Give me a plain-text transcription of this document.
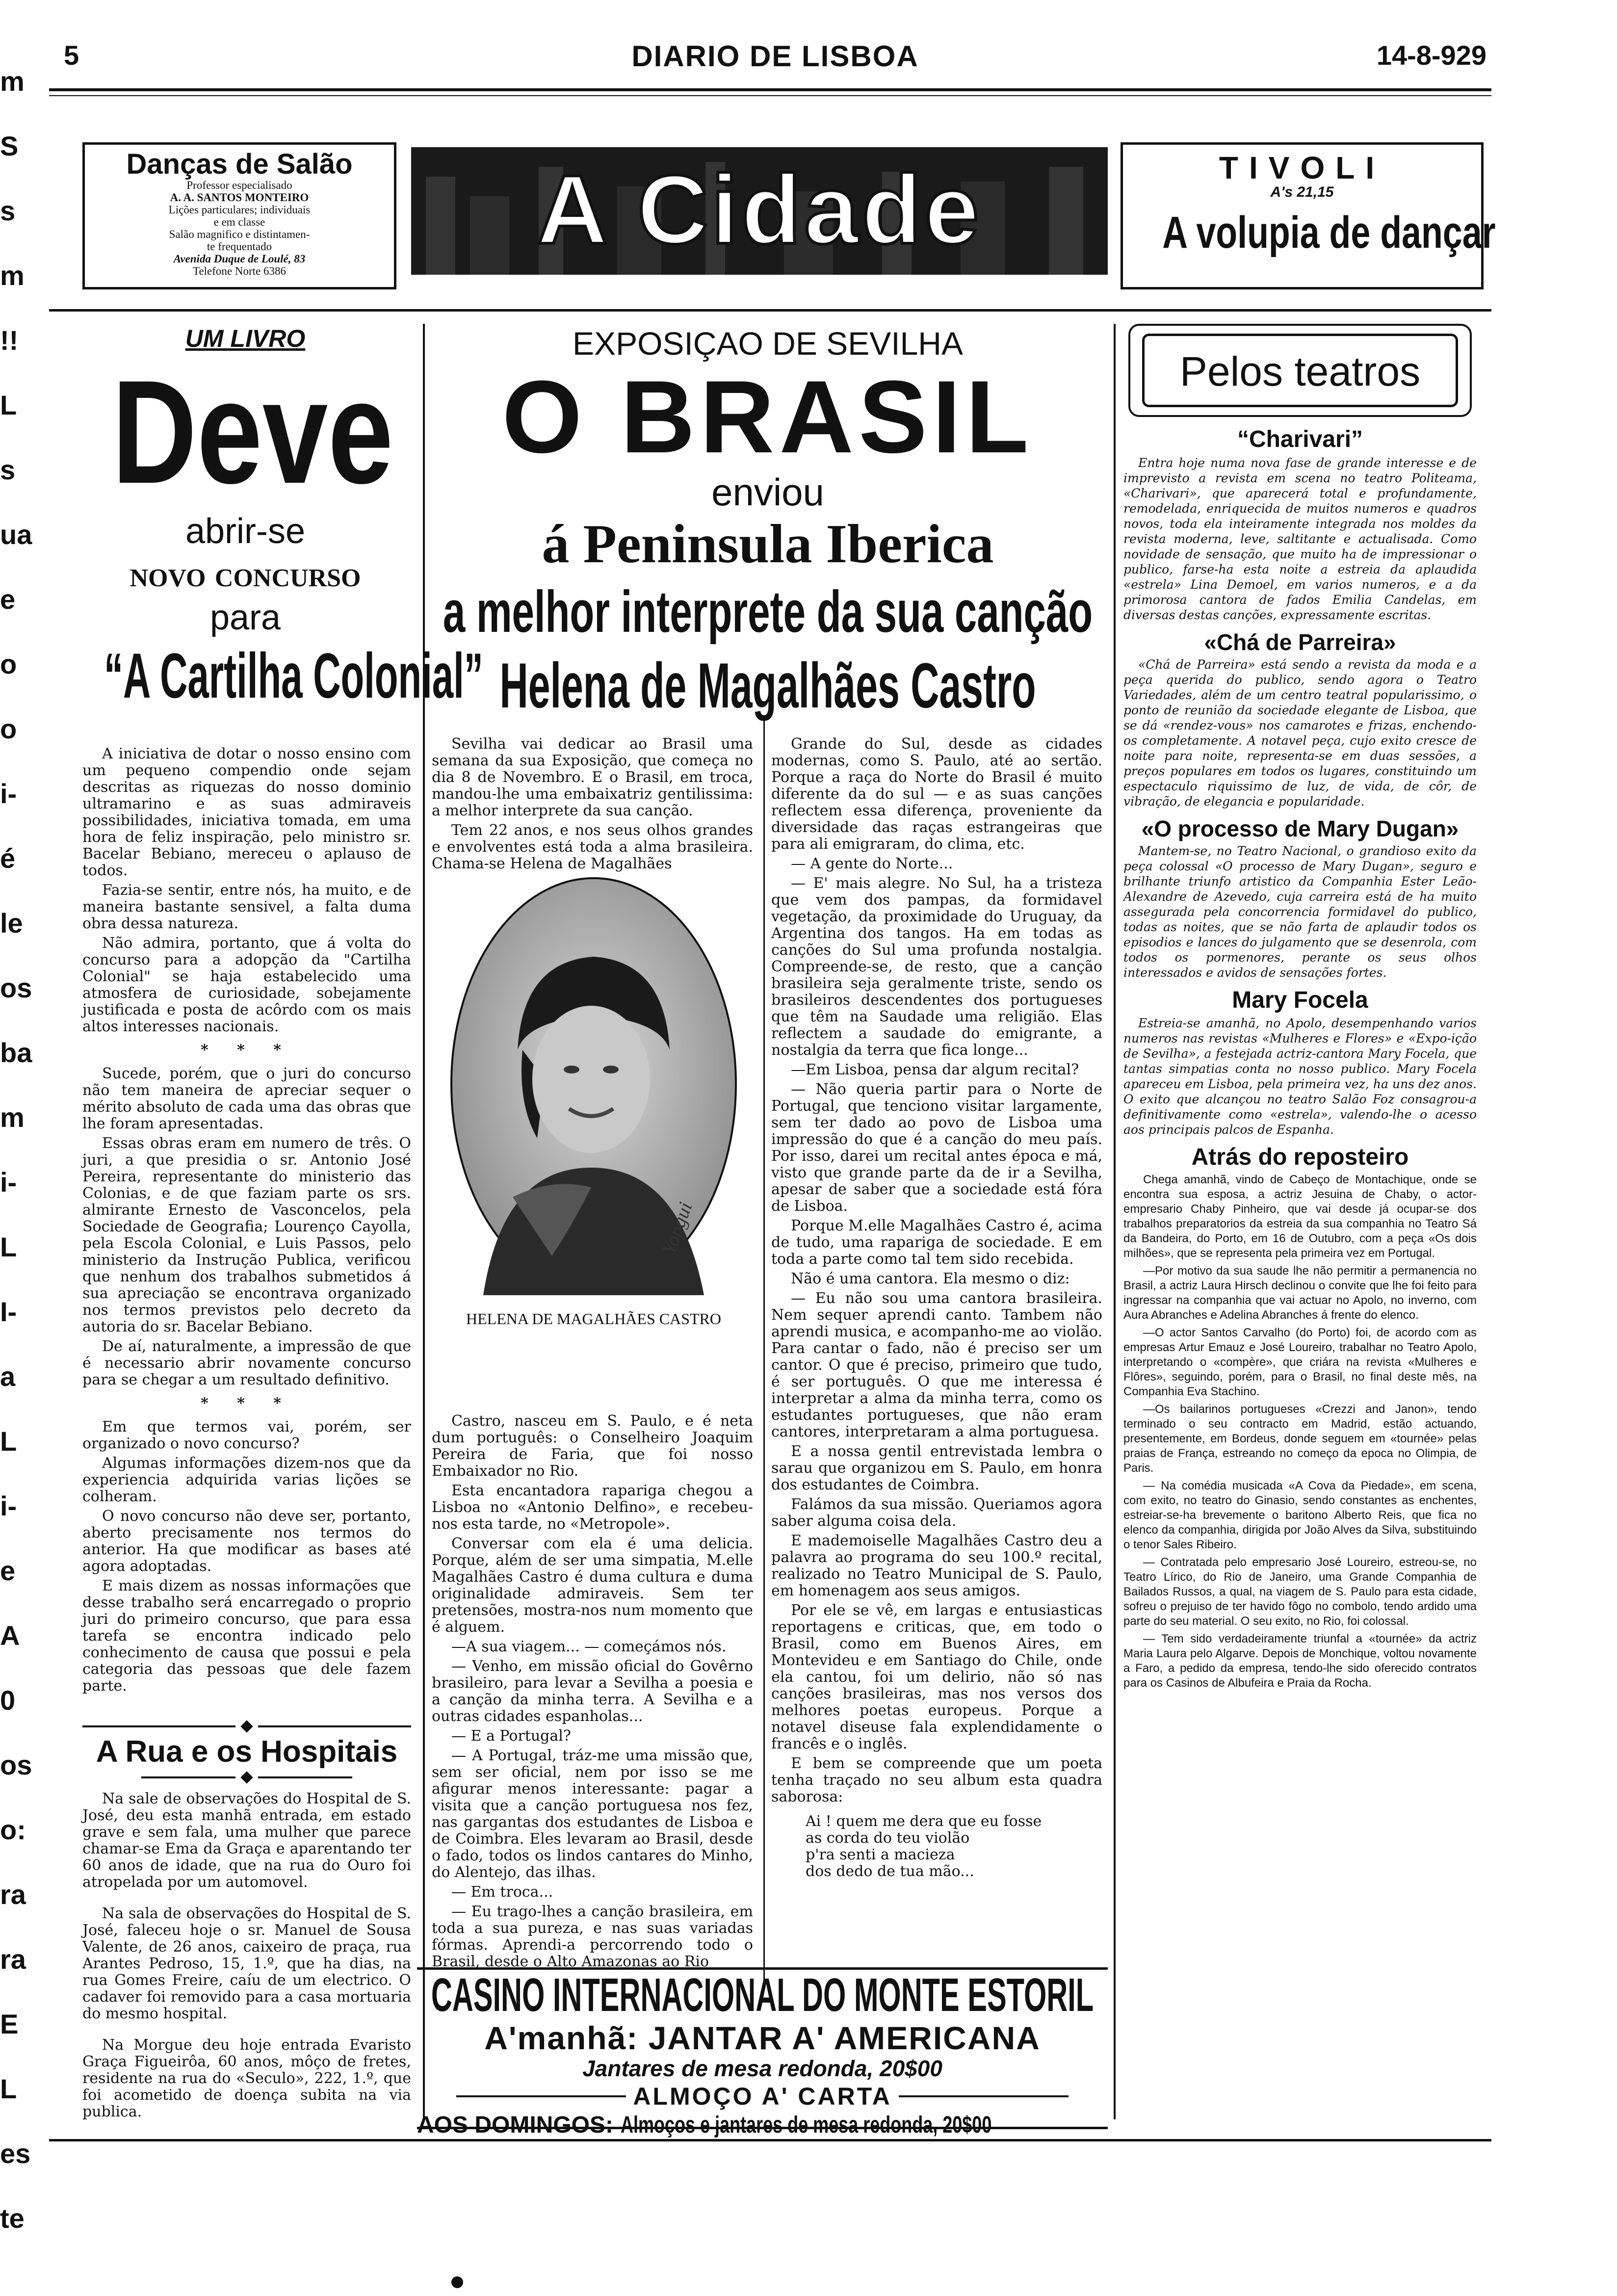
5	DIARIO DE LISBOA	14-8-929
m
S
s
m
!!
L
s
ua
e o
o
i-
é
le
os
ba
m
i-
L
I-
a
L
i-
e
A
0
os
o:
ra
ra
E
L
es
te
Danças de Salão
Professor especialisado
A. A. SANTOS MONTEIRO
Lições particulares; individuais
e em classe
Salão magnifico e distintamen-
te frequentado
Avenida Duque de Loulé, 83
Telefone Norte 6386
A Cidade	TIVOLI
A's 21,15
A volupia de dançar
UM LIVRO
Deve
abrir-se
novo concurso
para
“A Cartilha Colonial”

A iniciativa de dotar o nosso ensino com um pequeno compendio onde sejam descritas as riquezas do nosso dominio ultramarino e as suas admiraveis possibilidades, iniciativa tomada, em uma hora de feliz inspiração, pelo ministro sr. Bacelar Bebiano, mereceu o aplauso de todos.

Fazia-se sentir, entre nós, ha muito, e de maneira bastante sensivel, a falta duma obra dessa natureza.

Não admira, portanto, que á volta do concurso para a adopção da "Cartilha Colonial" se haja estabelecido uma atmosfera de curiosidade, sobejamente justificada e posta de acôrdo com os mais altos interesses nacionais.

* * *

Sucede, porém, que o juri do concurso não tem maneira de apreciar sequer o mérito absoluto de cada uma das obras que lhe foram apresentadas.

Essas obras eram em numero de três. O juri, a que presidia o sr. Antonio José Pereira, representante do ministerio das Colonias, e de que faziam parte os srs. almirante Ernesto de Vasconcelos, pela Sociedade de Geografia; Lourenço Cayolla, pela Escola Colonial, e Luis Passos, pelo ministerio da Instrução Publica, verificou que nenhum dos trabalhos submetidos á sua apreciação se encontrava organizado nos termos previstos pelo decreto da autoria do sr. Bacelar Bebiano.

De aí, naturalmente, a impressão de que é necessario abrir novamente concurso para se chegar a um resultado definitivo.

* * *

Em que termos vai, porém, ser organizado o novo concurso?

Algumas informações dizem-nos que da experiencia adquirida varias lições se colheram.

O novo concurso não deve ser, portanto, aberto precisamente nos termos do anterior. Ha que modificar as bases até agora adoptadas.

E mais dizem as nossas informações que desse trabalho será encarregado o proprio juri do primeiro concurso, que para essa tarefa se encontra indicado pelo conhecimento de causa que possui e pela categoria das pessoas que dele fazem parte.

A Rua e os Hospitais

Na sale de observações do Hospital de S. José, deu esta manhã entrada, em estado grave e sem fala, uma mulher que parece chamar-se Ema da Graça e aparentando ter 60 anos de idade, que na rua do Ouro foi atropelada por um automovel.

Na sala de observações do Hospital de S. José, faleceu hoje o sr. Manuel de Sousa Valente, de 26 anos, caixeiro de praça, rua Arantes Pedroso, 15, 1.º, que ha dias, na rua Gomes Freire, caíu de um electrico. O cadaver foi removido para a casa mortuaria do mesmo hospital.

Na Morgue deu hoje entrada Evaristo Graça Figueirôa, 60 anos, môço de fretes, residente na rua do «Seculo», 222, 1.º, que foi acometido de doença subita na via publica.

EXPOSIÇAO DE SEVILHA
O BRASIL
enviou
á Peninsula Iberica
a melhor interprete da sua canção
Helena de Magalhães Castro

Sevilha vai dedicar ao Brasil uma semana da sua Exposição, que começa no dia 8 de Novembro. E o Brasil, em troca, mandou-lhe uma embaixatriz gentilissima: a melhor interprete da sua canção.

Tem 22 anos, e nos seus olhos grandes e envolventes está toda a alma brasileira. Chama-se Helena de Magalhães

Yopgui
HELENA DE MAGALHÃES CASTRO

Castro, nasceu em S. Paulo, e é neta dum português: o Conselheiro Joaquim Pereira de Faria, que foi nosso Embaixador no Rio.

Esta encantadora rapariga chegou a Lisboa no «Antonio Delfino», e recebeu-nos esta tarde, no «Metropole».

Conversar com ela é uma delicia. Porque, além de ser uma simpatia, M.elle Magalhães Castro é duma cultura e duma originalidade admiraveis. Sem ter pretensões, mostra-nos num momento que é alguem.

—A sua viagem... — começámos nós.

— Venho, em missão oficial do Govêrno brasileiro, para levar a Sevilha a poesia e a canção da minha terra. A Sevilha e a outras cidades espanholas...

— E a Portugal?

— A Portugal, tráz-me uma missão que, sem ser oficial, nem por isso se me afigurar menos interessante: pagar a visita que a canção portuguesa nos fez, nas gargantas dos estudantes de Lisboa e de Coimbra. Eles levaram ao Brasil, desde o fado, todos os lindos cantares do Minho, do Alentejo, das ilhas.

— Em troca...

— Eu trago-lhes a canção brasileira, em toda a sua pureza, e nas suas variadas fórmas. Aprendi-a percorrendo todo o Brasil, desde o Alto Amazonas ao Rio

Grande do Sul, desde as cidades modernas, como S. Paulo, até ao sertão. Porque a raça do Norte do Brasil é muito diferente da do sul — e as suas canções reflectem essa diferença, proveniente da diversidade das raças estrangeiras que para ali emigraram, do clima, etc.

— A gente do Norte...

— E' mais alegre. No Sul, ha a tristeza que vem dos pampas, da formidavel vegetação, da proximidade do Uruguay, da Argentina dos tangos. Ha em todas as canções do Sul uma profunda nostalgia. Compreende-se, de resto, que a canção brasileira seja geralmente triste, sendo os brasileiros descendentes dos portugueses que têm na Saudade uma religião. Elas reflectem a saudade do emigrante, a nostalgia da terra que fica longe...

—Em Lisboa, pensa dar algum recital?

— Não queria partir para o Norte de Portugal, que tenciono visitar largamente, sem ter dado ao povo de Lisboa uma impressão do que é a canção do meu país. Por isso, darei um recital antes época e má, visto que grande parte da de ir a Sevilha, apesar de saber que a sociedade está fóra de Lisboa.

Porque M.elle Magalhães Castro é, acima de tudo, uma rapariga de sociedade. E em toda a parte como tal tem sido recebida.

Não é uma cantora. Ela mesmo o diz:

— Eu não sou uma cantora brasileira. Nem sequer aprendi canto. Tambem não aprendi musica, e acompanho-me ao violão. Para cantar o fado, não é preciso ser um cantor. O que é preciso, primeiro que tudo, é ser português. O que me interessa é interpretar a alma da minha terra, como os estudantes portugueses, que não eram cantores, interpretaram a alma portuguesa.

E a nossa gentil entrevistada lembra o sarau que organizou em S. Paulo, em honra dos estudantes de Coimbra.

Falámos da sua missão. Queriamos agora saber alguma coisa dela.

E mademoiselle Magalhães Castro deu a palavra ao programa do seu 100.º recital, realizado no Teatro Municipal de S. Paulo, em homenagem aos seus amigos.

Por ele se vê, em largas e entusiasticas reportagens e criticas, que, em todo o Brasil, como em Buenos Aires, em Montevideu e em Santiago do Chile, onde ela cantou, foi um delirio, não só nas canções brasileiras, mas nos versos dos melhores poetas europeus. Porque a notavel diseuse fala explendidamente o francês e o inglês.

E bem se compreende que um poeta tenha traçado no seu album esta quadra saborosa:

Ai ! quem me dera que eu fosse
as corda do teu violão
p'ra senti a macieza
dos dedo de tua mão...
CASINO INTERNACIONAL DO MONTE ESTORIL
A'manhã: JANTAR A' AMERICANA
Jantares de mesa redonda, 20$00
ALMOÇO A' CARTA
AOS DOMINGOS: Almoços e jantares de mesa redonda, 20$00
Pelos teatros
“Charivari”

Entra hoje numa nova fase de grande interesse e de imprevisto a revista em scena no teatro Politeama, «Charivari», que aparecerá total e profundamente, remodelada, enriquecida de muitos numeros e quadros novos, toda ela inteiramente integrada nos moldes da revista moderna, leve, saltitante e actualisada. Como novidade de sensação, que muito ha de impressionar o publico, farse-ha esta noite a estreia da aplaudida «estrela» Lina Demoel, em varios numeros, e a da primorosa cantora de fados Emilia Candelas, em diversas destas canções, expressamente escritas.

«Chá de Parreira»

«Chá de Parreira» está sendo a revista da moda e a peça querida do publico, sendo agora o Teatro Variedades, além de um centro teatral popularissimo, o ponto de reunião da sociedade elegante de Lisboa, que se dá «rendez-vous» nos camarotes e frizas, enchendo-os completamente. A notavel peça, cujo exito cresce de noite para noite, representa-se em duas sessões, a preços populares em todos os lugares, constituindo um espectaculo riquissimo de luz, de vida, de côr, de vibração, de elegancia e popularidade.

«O processo de Mary Dugan»

Mantem-se, no Teatro Nacional, o grandioso exito da peça colossal «O processo de Mary Dugan», seguro e brilhante triunfo artistico da Companhia Ester Leão-Alexandre de Azevedo, cuja carreira está de ha muito assegurada pela concorrencia formidavel do publico, todas as noites, que se não farta de aplaudir todos os episodios e lances do julgamento que se desenrola, com todos os pormenores, perante os seus olhos interessados e avidos de sensações fortes.

Mary Focela

Estreia-se amanhã, no Apolo, desempenhando varios numeros nas revistas «Mulheres e Flores» e «Expo-ição de Sevilha», a festejada actriz-cantora Mary Focela, que tantas simpatias conta no nosso publico. Mary Focela apareceu em Lisboa, pela primeira vez, ha uns dez anos. O exito que alcançou no teatro Salão Foz consagrou-a definitivamente como «estrela», valendo-lhe o acesso aos principais palcos de Espanha.

Atrás do reposteiro

Chega amanhã, vindo de Cabeço de Montachique, onde se encontra sua esposa, a actriz Jesuina de Chaby, o actor-empresario Chaby Pinheiro, que vai desde já ocupar-se dos trabalhos preparatorios da estreia da sua companhia no Teatro Sá da Bandeira, do Porto, em 16 de Outubro, com a peça «Os dois milhões», que se representa pela primeira vez em Portugal.

—Por motivo da sua saude lhe não permitir a permanencia no Brasil, a actriz Laura Hirsch declinou o convite que lhe foi feito para ingressar na companhia que vai actuar no Apolo, no inverno, com Aura Abranches e Adelina Abranches á frente do elenco.

—O actor Santos Carvalho (do Porto) foi, de acordo com as empresas Artur Emauz e José Loureiro, trabalhar no Teatro Apolo, interpretando o «compère», que criára na revista «Mulheres e Flôres», seguindo, porém, para o Brasil, no final deste mês, na Companhia Eva Stachino.

—Os bailarinos portugueses «Crezzi and Janon», tendo terminado o seu contracto em Madrid, estão actuando, presentemente, em Bordeus, donde seguem em «tournée» pelas praias de França, estreando no começo da epoca no Olimpia, de Paris.

— Na comédia musicada «A Cova da Piedade», em scena, com exito, no teatro do Ginasio, sendo constantes as enchentes, estreiar-se-ha brevemente o baritono Alberto Reis, que fica no elenco da companhia, dirigida por João Alves da Silva, substituindo o tenor Sales Ribeiro.

— Contratada pelo empresario José Loureiro, estreou-se, no Teatro Lírico, do Rio de Janeiro, uma Grande Companhia de Bailados Russos, a qual, na viagem de S. Paulo para esta cidade, sofreu o prejuiso de ter havido fôgo no combolo, tendo ardido uma parte do seu material. O seu exito, no Rio, foi colossal.

— Tem sido verdadeiramente triunfal a «tournée» da actriz Maria Laura pelo Algarve. Depois de Monchique, voltou novamente a Faro, a pedido da empresa, tendo-lhe sido oferecido contratos para os Casinos de Albufeira e Praia da Rocha.
